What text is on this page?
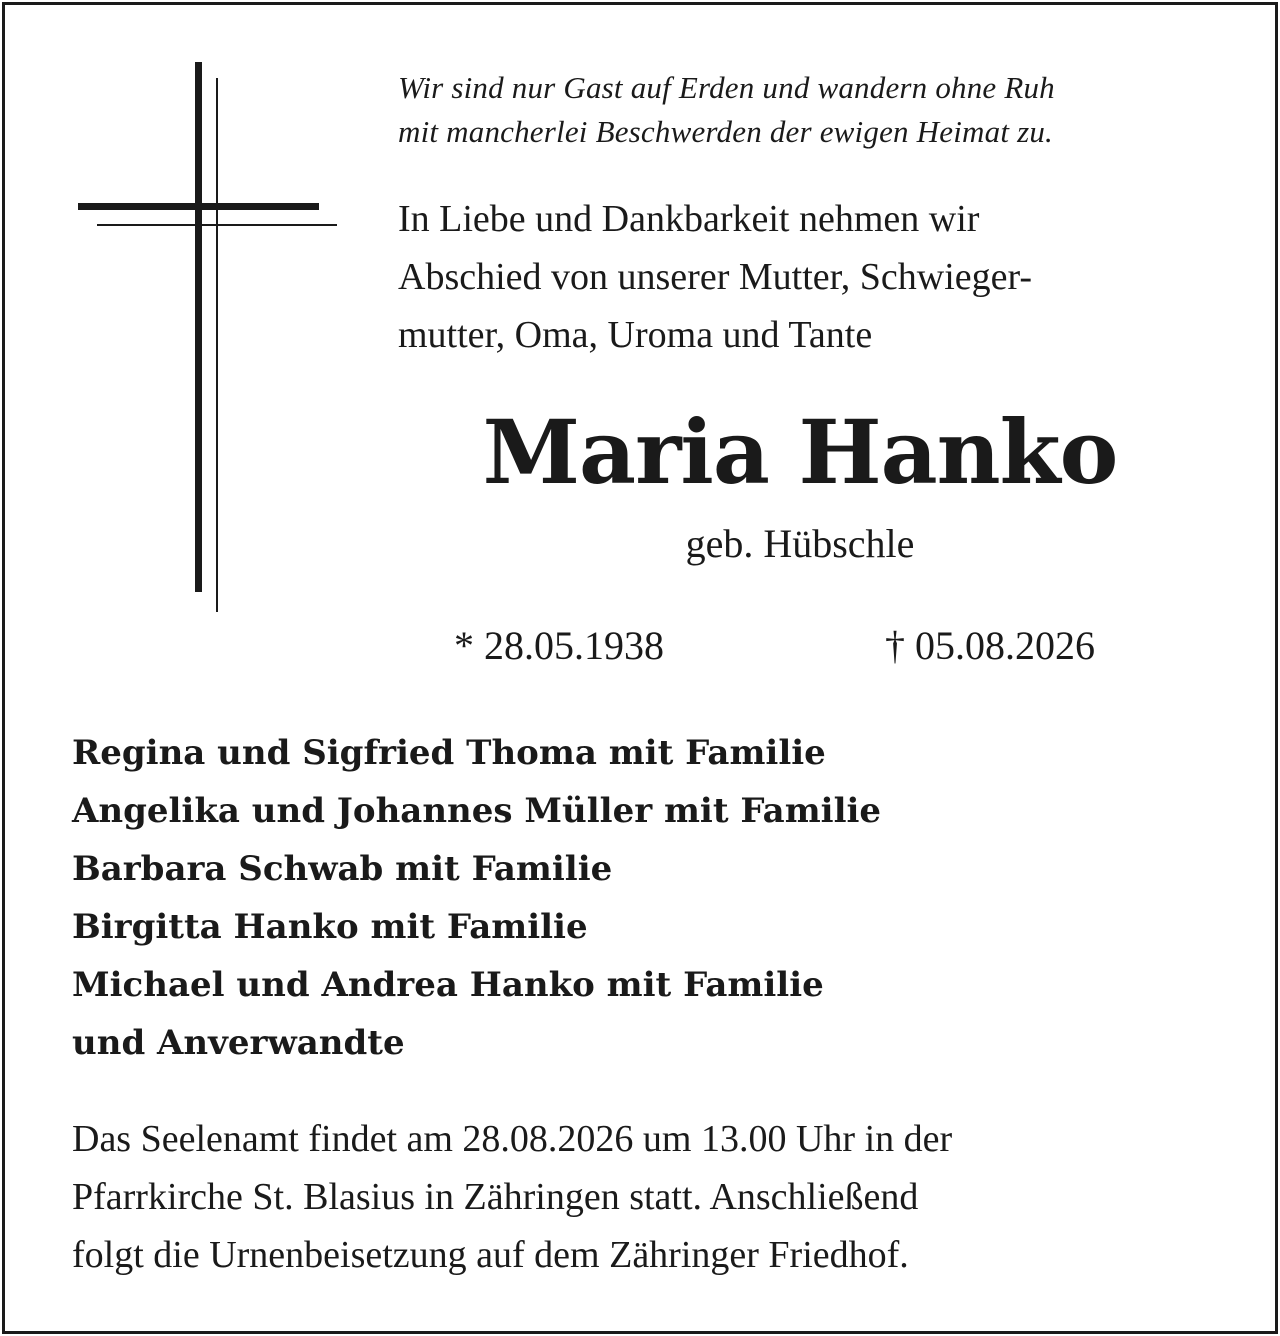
Wir sind nur Gast auf Erden und wandern ohne Ruh
mit mancherlei Beschwerden der ewigen Heimat zu.
In Liebe und Dankbarkeit nehmen wir
Abschied von unserer Mutter, Schwieger-
mutter, Oma, Uroma und Tante
Maria Hanko
geb. Hübschle
* 28.05.1938	† 05.08.2026
Regina und Sigfried Thoma mit Familie
Angelika und Johannes Müller mit Familie
Barbara Schwab mit Familie
Birgitta Hanko mit Familie
Michael und Andrea Hanko mit Familie
und Anverwandte
Das Seelenamt findet am 28.08.2026 um 13.00 Uhr in der
Pfarrkirche St. Blasius in Zähringen statt. Anschließend
folgt die Urnenbeisetzung auf dem Zähringer Friedhof.
